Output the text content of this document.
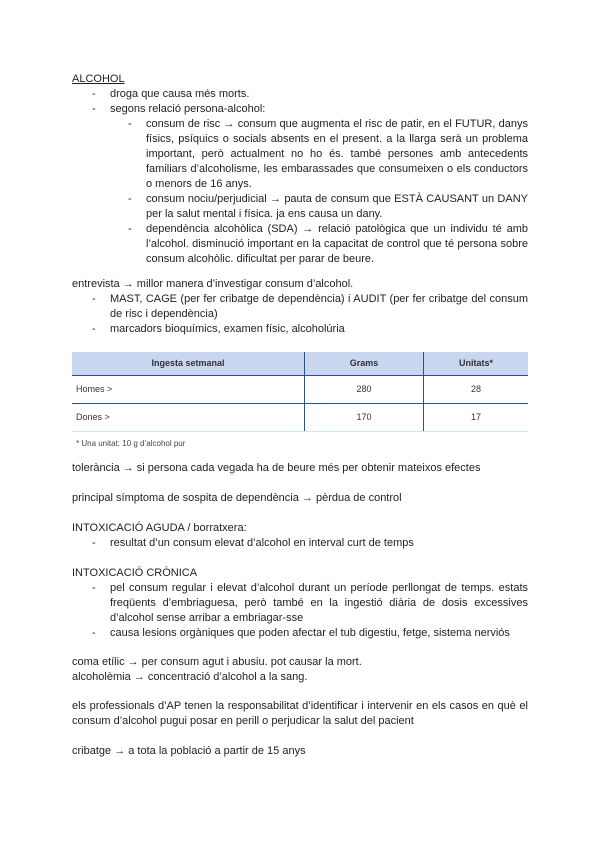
ALCOHOL

- droga que causa més morts.
- segons relació persona-alcohol:
- consum de risc → consum que augmenta el risc de patir, en el FUTUR, danys físics, psíquics o socials absents en el present. a la llarga serà un problema important, però actualment no ho és. també persones amb antecedents familiars d’alcoholisme, les embarassades que consumeixen o els conductors o menors de 16 anys.
- consum nociu/perjudicial → pauta de consum que ESTÀ CAUSANT un DANY per la salut mental i física. ja ens causa un dany.
- dependència alcohòlica (SDA) → relació patològica que un individu té amb l’alcohol. disminució important en la capacitat de control que té persona sobre consum alcohòlic. dificultat per parar de beure.

entrevista → millor manera d’investigar consum d’alcohol.

- MAST, CAGE (per fer cribatge de dependència) i AUDIT (per fer cribatge del consum de risc i dependència)
- marcadors bioquímics, examen físic, alcoholúria
Ingesta setmanal	Grams	Unitats*
Homes >	280	28
Dones >	170	17
* Una unitat: 10 g d’alcohol pur
tolerància → si persona cada vegada ha de beure més per obtenir mateixos efectes
principal símptoma de sospita de dependència → pèrdua de control

INTOXICACIÓ AGUDA / borratxera:

- resultat d’un consum elevat d’alcohol en interval curt de temps

INTOXICACIÓ CRÒNICA

- pel consum regular i elevat d’alcohol durant un període perllongat de temps. estats freqüents d’embriaguesa, però també en la ingestió diària de dosis excessives d’alcohol sense arribar a embriagar-sse
- causa lesions orgàniques que poden afectar el tub digestiu, fetge, sistema nerviós
coma etílic → per consum agut i abusiu. pot causar la mort.
alcoholèmia → concentració d’alcohol a la sang.
els professionals d’AP tenen la responsabilitat d’identificar i intervenir en els casos en què el consum d’alcohol pugui posar en perill o perjudicar la salut del pacient
cribatge → a tota la població a partir de 15 anys
